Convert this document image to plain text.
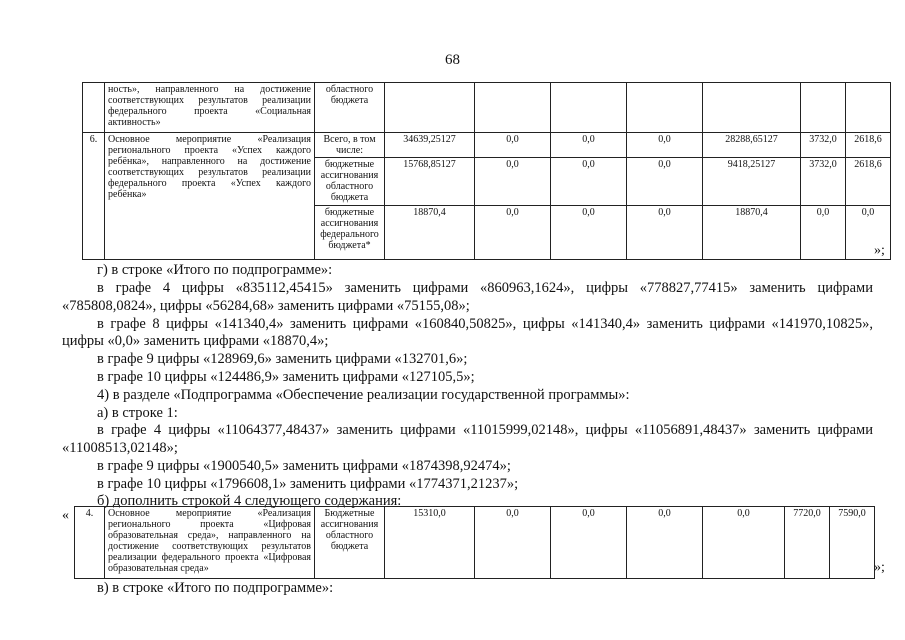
68
	ность», направленного на достижение соответствующих результатов реализации федерального проекта «Социальная активность»	областного бюджета							
6.	Основное мероприятие «Реализация регионального проекта «Успех каждого ребёнка», направленного на достижение соответствующих результатов реализации федерального проекта «Успех каждого ребёнка»	Всего, в том числе:	34639,25127	0,0	0,0	0,0	28288,65127	3732,0	2618,6
		бюджетные ассигнования областного бюджета	15768,85127	0,0	0,0	0,0	9418,25127	3732,0	2618,6
		бюджетные ассигнования федерального бюджета*	18870,4	0,0	0,0	0,0	18870,4	0,0	0,0
»;
г) в строке «Итого по подпрограмме»:
в графе 4 цифры «835112,45415» заменить цифрами «860963,1624», цифры «778827,77415» заменить цифрами
«785808,0824», цифры «56284,68» заменить цифрами «75155,08»;
в графе 8 цифры «141340,4» заменить цифрами «160840,50825», цифры «141340,4» заменить цифрами «141970,10825»,
цифры «0,0» заменить цифрами «18870,4»;
в графе 9 цифры «128969,6» заменить цифрами «132701,6»;
в графе 10 цифры «124486,9» заменить цифрами «127105,5»;
4) в разделе «Подпрограмма «Обеспечение реализации государственной программы»:
а) в строке 1:
в графе 4 цифры «11064377,48437» заменить цифрами «11015999,02148», цифры «11056891,48437» заменить цифрами
«11008513,02148»;
в графе 9 цифры «1900540,5» заменить цифрами «1874398,92474»;
в графе 10 цифры «1796608,1» заменить цифрами «1774371,21237»;
б) дополнить строкой 4 следующего содержания:
« 4.	Основное мероприятие «Реализация регионального проекта «Цифровая образовательная среда», направленного на достижение соответствующих результатов реализации федерального проекта «Цифровая образовательная среда»	Бюджетные ассигнования областного бюджета	15310,0	0,0	0,0	0,0	0,0	7720,0	7590,0
»;
в) в строке «Итого по подпрограмме»:
